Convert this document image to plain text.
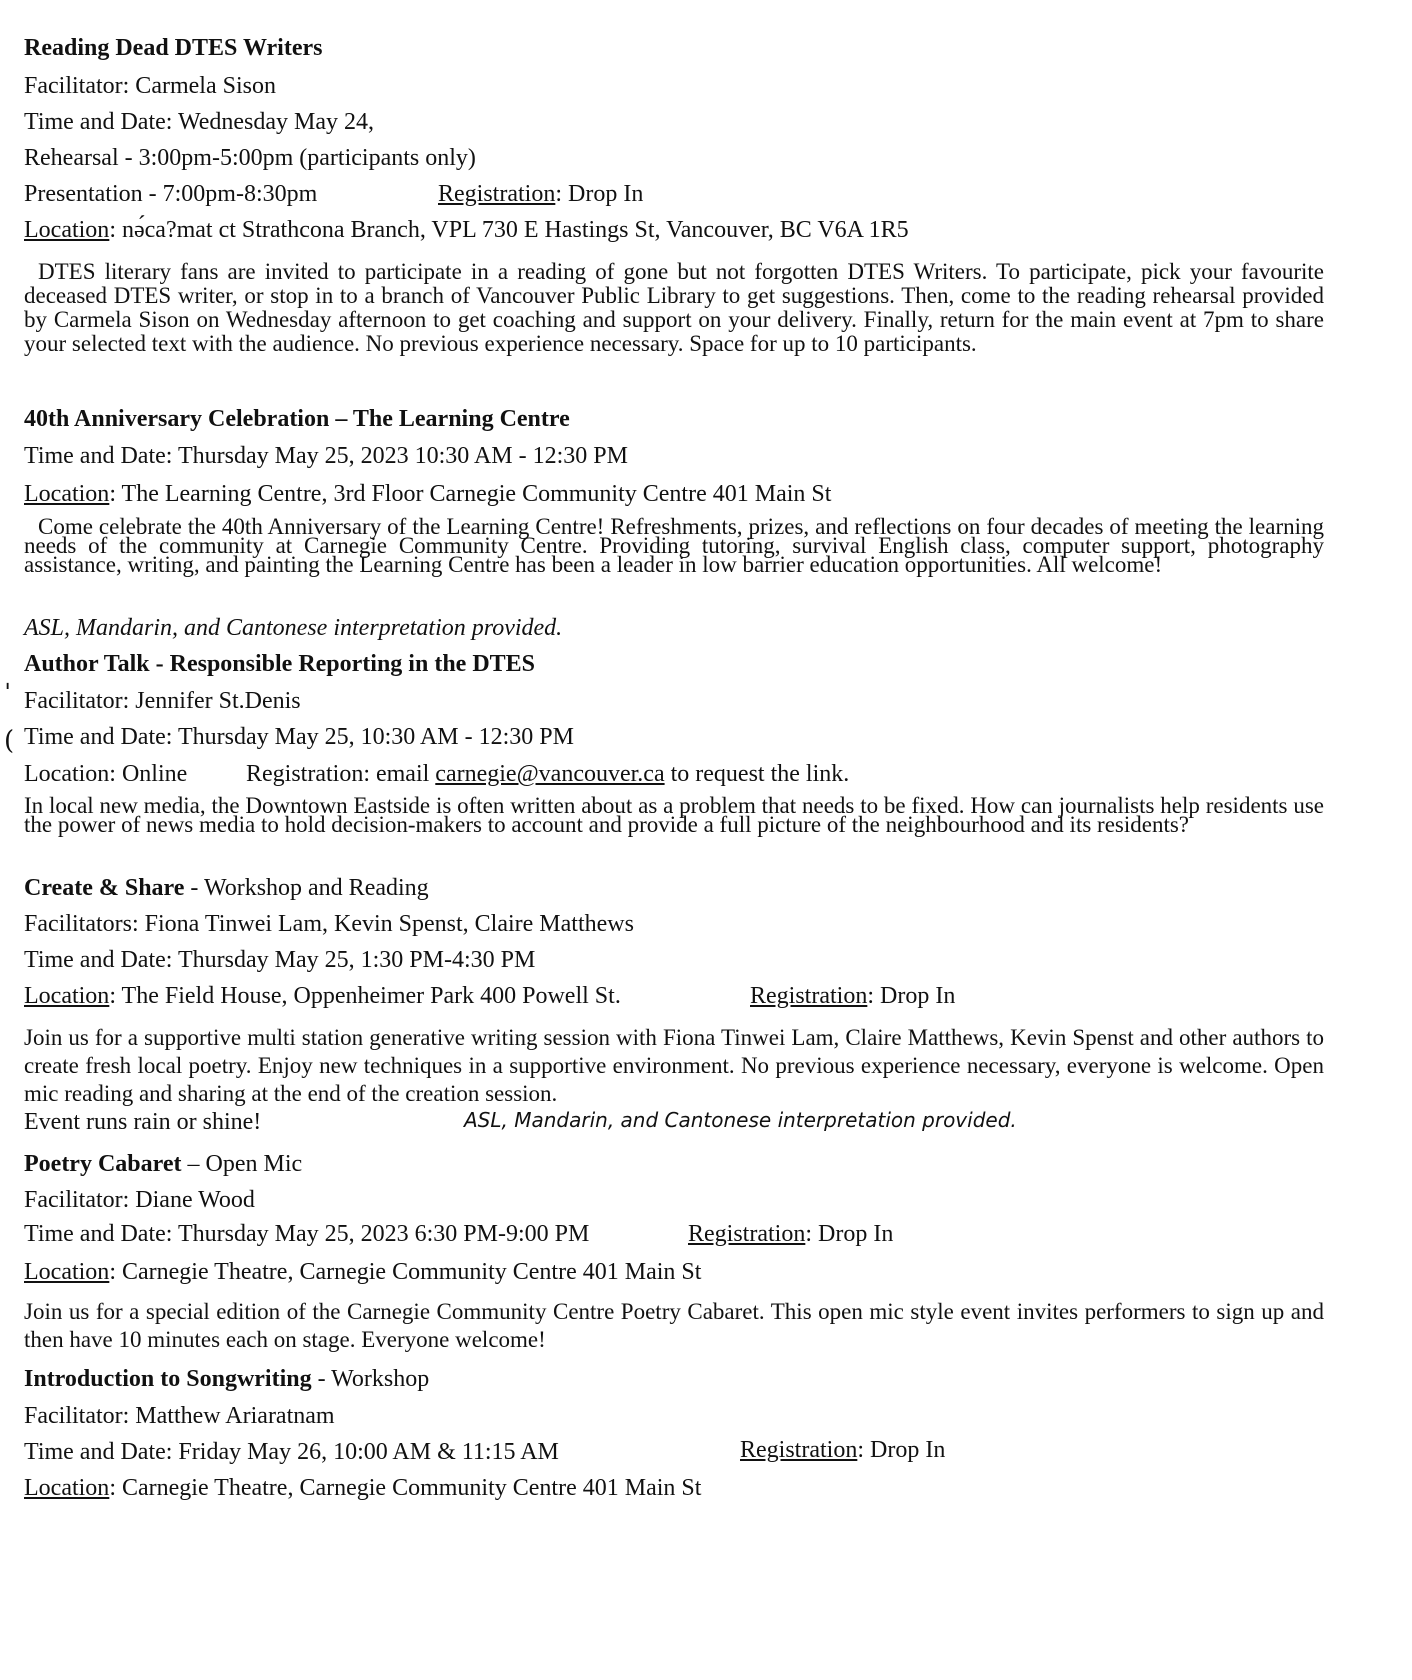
Reading Dead DTES Writers
Facilitator: Carmela Sison
Time and Date: Wednesday May 24,
Rehearsal - 3:00pm-5:00pm (participants only)
Presentation - 7:00pm-8:30pm	Registration: Drop In
Location: nə́ca?mat ct Strathcona Branch, VPL 730 E Hastings St, Vancouver, BC V6A 1R5
DTES literary fans are invited to participate in a reading of gone but not forgotten DTES Writers. To participate, pick your favourite deceased DTES writer, or stop in to a branch of Vancouver Public Library to get suggestions. Then, come to the reading rehearsal provided by Carmela Sison on Wednesday afternoon to get coaching and support on your delivery. Finally, return for the main event at 7pm to share your selected text with the audience. No previous experience necessary. Space for up to 10 participants.
40th Anniversary Celebration – The Learning Centre
Time and Date: Thursday May 25, 2023 10:30 AM - 12:30 PM
Location: The Learning Centre, 3rd Floor Carnegie Community Centre 401 Main St
Come celebrate the 40th Anniversary of the Learning Centre! Refreshments, prizes, and reflections on four decades of meeting the learning needs of the community at Carnegie Community Centre. Providing tutoring, survival English class, computer support, photography assistance, writing, and painting the Learning Centre has been a leader in low barrier education opportunities. All welcome!
ASL, Mandarin, and Cantonese interpretation provided.
Author Talk - Responsible Reporting in the DTES
Facilitator: Jennifer St.Denis
Time and Date: Thursday May 25, 10:30 AM - 12:30 PM
Location: Online Registration: email carnegie@vancouver.ca to request the link.
In local new media, the Downtown Eastside is often written about as a problem that needs to be fixed. How can journalists help residents use the power of news media to hold decision-makers to account and provide a full picture of the neighbourhood and its residents?
Create & Share - Workshop and Reading
Facilitators: Fiona Tinwei Lam, Kevin Spenst, Claire Matthews
Time and Date: Thursday May 25, 1:30 PM-4:30 PM
Location: The Field House, Oppenheimer Park 400 Powell St.	Registration: Drop In
Join us for a supportive multi station generative writing session with Fiona Tinwei Lam, Claire Matthews, Kevin Spenst and other authors to create fresh local poetry. Enjoy new techniques in a supportive environment. No previous experience necessary, everyone is welcome. Open mic reading and sharing at the end of the creation session.
Event runs rain or shine!	ASL, Mandarin, and Cantonese interpretation provided.
Poetry Cabaret – Open Mic
Facilitator: Diane Wood
Time and Date: Thursday May 25, 2023 6:30 PM-9:00 PM	Registration: Drop In
Location: Carnegie Theatre, Carnegie Community Centre 401 Main St
Join us for a special edition of the Carnegie Community Centre Poetry Cabaret. This open mic style event invites performers to sign up and then have 10 minutes each on stage. Everyone welcome!
Introduction to Songwriting - Workshop
Facilitator: Matthew Ariaratnam
Time and Date: Friday May 26, 10:00 AM & 11:15 AM	Registration: Drop In
Location: Carnegie Theatre, Carnegie Community Centre 401 Main St
ˈ
(
